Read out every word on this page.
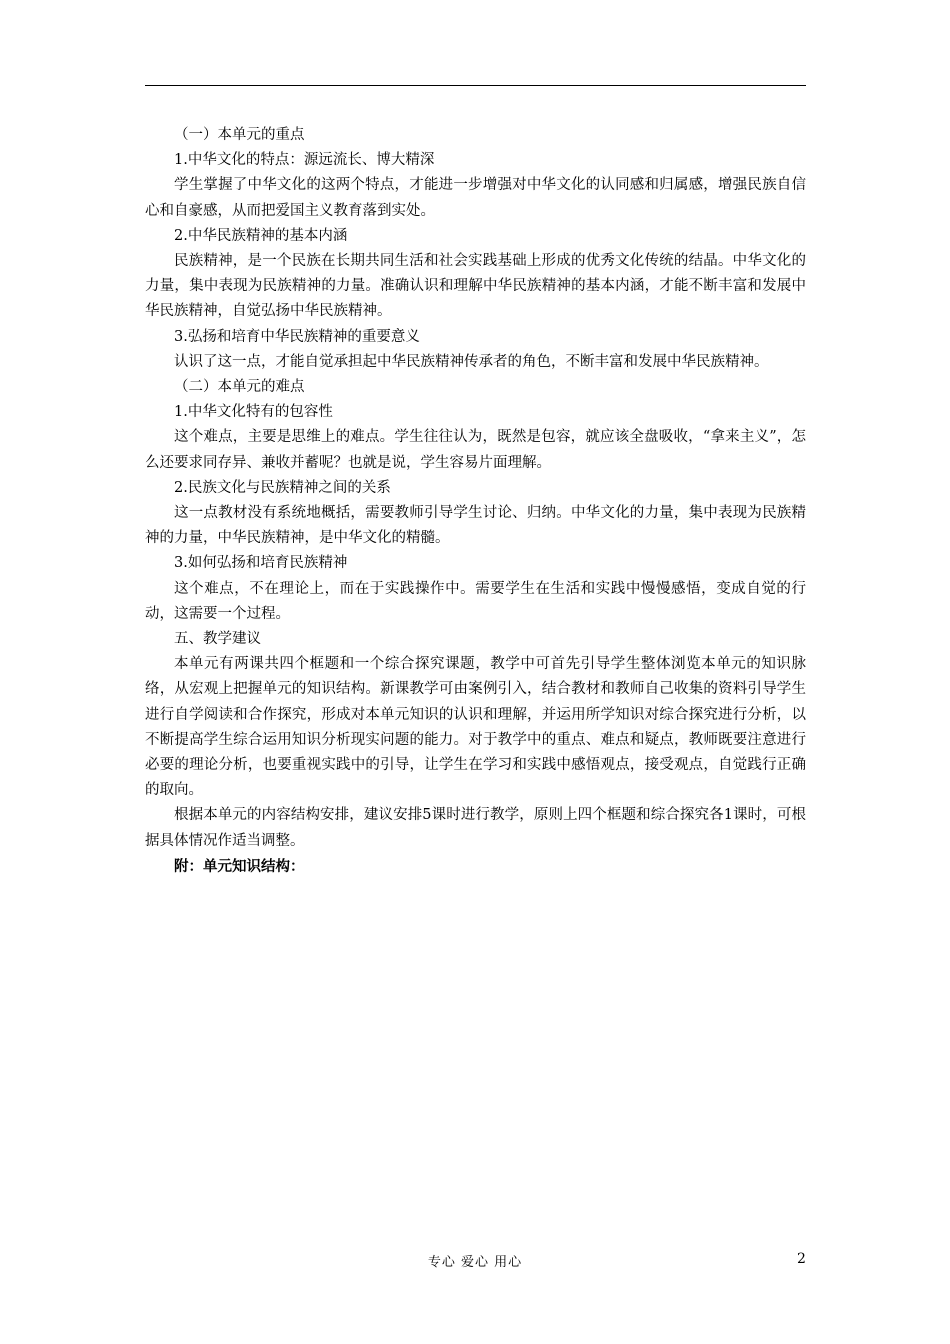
（一）本单元的重点

1.中华文化的特点：源远流长、博大精深

学生掌握了中华文化的这两个特点，才能进一步增强对中华文化的认同感和归属感，增强民族自信心和自豪感，从而把爱国主义教育落到实处。

2.中华民族精神的基本内涵

民族精神，是一个民族在长期共同生活和社会实践基础上形成的优秀文化传统的结晶。中华文化的力量，集中表现为民族精神的力量。准确认识和理解中华民族精神的基本内涵，才能不断丰富和发展中华民族精神，自觉弘扬中华民族精神。

3.弘扬和培育中华民族精神的重要意义

认识了这一点，才能自觉承担起中华民族精神传承者的角色，不断丰富和发展中华民族精神。

（二）本单元的难点

1.中华文化特有的包容性

这个难点，主要是思维上的难点。学生往往认为，既然是包容，就应该全盘吸收，“拿来主义”，怎么还要求同存异、兼收并蓄呢？也就是说，学生容易片面理解。

2.民族文化与民族精神之间的关系

这一点教材没有系统地概括，需要教师引导学生讨论、归纳。中华文化的力量，集中表现为民族精神的力量，中华民族精神，是中华文化的精髓。

3.如何弘扬和培育民族精神

这个难点，不在理论上，而在于实践操作中。需要学生在生活和实践中慢慢感悟，变成自觉的行动，这需要一个过程。

五、教学建议

本单元有两课共四个框题和一个综合探究课题，教学中可首先引导学生整体浏览本单元的知识脉络，从宏观上把握单元的知识结构。新课教学可由案例引入，结合教材和教师自己收集的资料引导学生进行自学阅读和合作探究，形成对本单元知识的认识和理解，并运用所学知识对综合探究进行分析，以不断提高学生综合运用知识分析现实问题的能力。对于教学中的重点、难点和疑点，教师既要注意进行必要的理论分析，也要重视实践中的引导，让学生在学习和实践中感悟观点，接受观点，自觉践行正确的取向。

根据本单元的内容结构安排，建议安排5课时进行教学，原则上四个框题和综合探究各1课时，可根据具体情况作适当调整。

附：单元知识结构：

专心 爱心 用心	2
